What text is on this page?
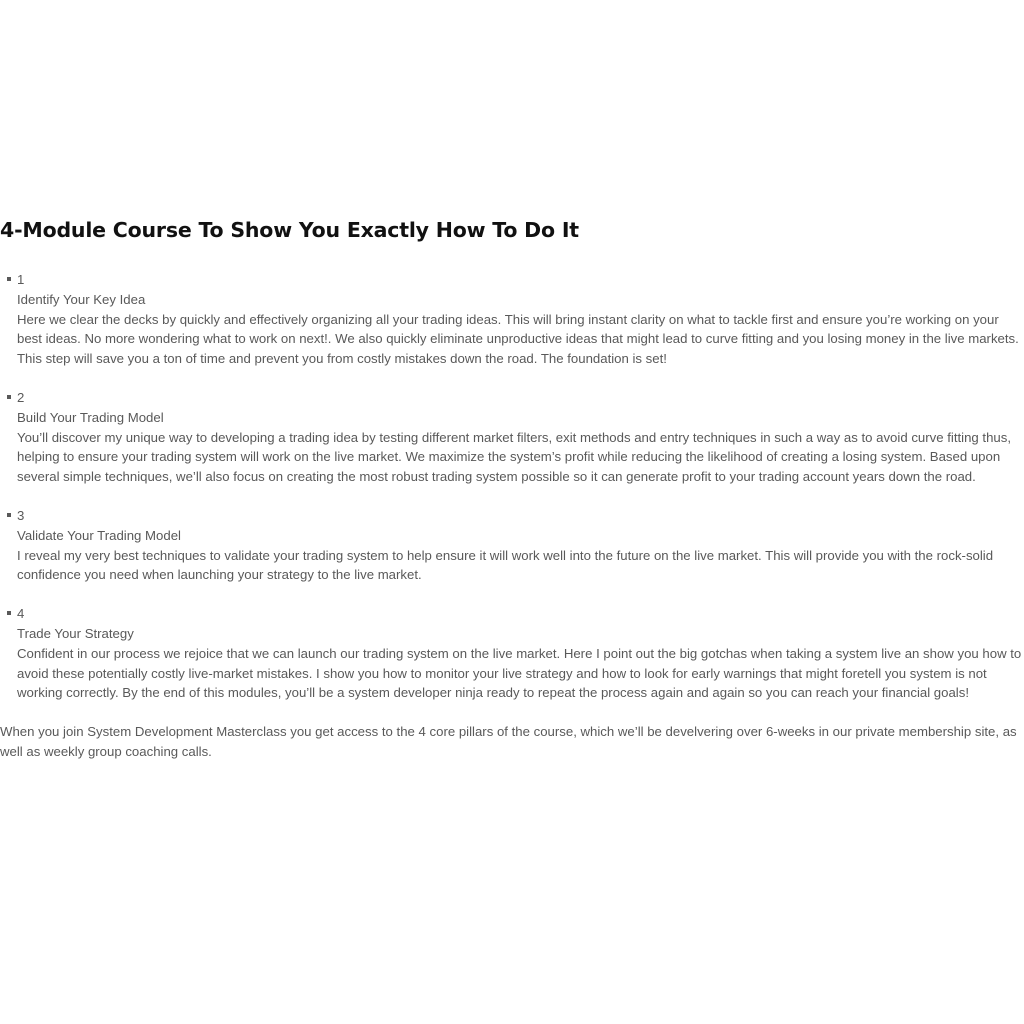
4-Module Course To Show You Exactly How To Do It
1
Identify Your Key Idea
Here we clear the decks by quickly and effectively organizing all your trading ideas. This will bring instant clarity on what to tackle first and ensure you’re working on your best ideas. No more wondering what to work on next!. We also quickly eliminate unproductive ideas that might lead to curve fitting and you losing money in the live markets. This step will save you a ton of time and prevent you from costly mistakes down the road. The foundation is set!
2
Build Your Trading Model
You’ll discover my unique way to developing a trading idea by testing different market filters, exit methods and entry techniques in such a way as to avoid curve fitting thus, helping to ensure your trading system will work on the live market. We maximize the system’s profit while reducing the likelihood of creating a losing system. Based upon several simple techniques, we’ll also focus on creating the most robust trading system possible so it can generate profit to your trading account years down the road.
3
Validate Your Trading Model
I reveal my very best techniques to validate your trading system to help ensure it will work well into the future on the live market. This will provide you with the rock-solid confidence you need when launching your strategy to the live market.
4
Trade Your Strategy
Confident in our process we rejoice that we can launch our trading system on the live market. Here I point out the big gotchas when taking a system live an show you how to avoid these potentially costly live-market mistakes. I show you how to monitor your live strategy and how to look for early warnings that might foretell you system is not working correctly. By the end of this modules, you’ll be a system developer ninja ready to repeat the process again and again so you can reach your financial goals!

When you join System Development Masterclass you get access to the 4 core pillars of the course, which we’ll be develvering over 6-weeks in our private membership site, as well as weekly group coaching calls.
